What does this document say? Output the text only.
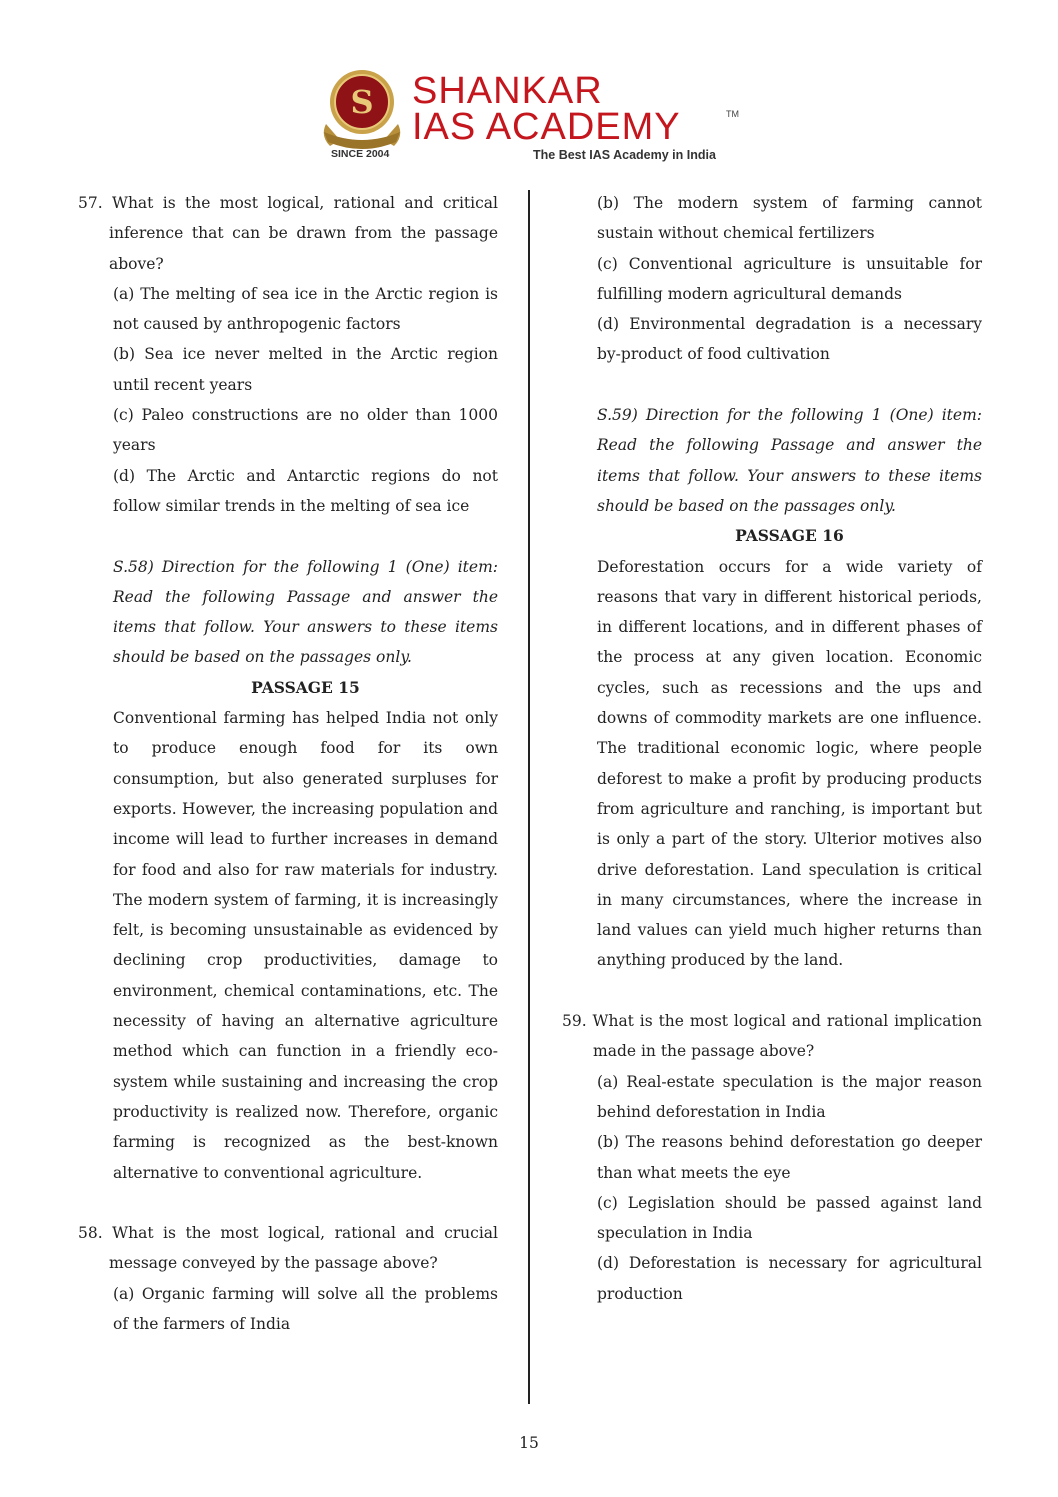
S SHANKAR
IAS ACADEMY	TM
SINCE 2004	The Best IAS Academy in India

57. What is the most logical, rational and critical inference that can be drawn from the passage above?

(a) The melting of sea ice in the Arctic region is not caused by anthropogenic factors

(b) Sea ice never melted in the Arctic region until recent years

(c) Paleo constructions are no older than 1000 years

(d) The Arctic and Antarctic regions do not follow similar trends in the melting of sea ice

S.58) Direction for the following 1 (One) item: Read the following Passage and answer the items that follow. Your answers to these items should be based on the passages only.

PASSAGE 15

Conventional farming has helped India not only to produce enough food for its own consumption, but also generated surpluses for exports. However, the increasing population and income will lead to further increases in demand for food and also for raw materials for industry. The modern system of farming, it is increasingly felt, is becoming unsustainable as evidenced by declining crop productivities, damage to environment, chemical contaminations, etc. The necessity of having an alternative agriculture method which can function in a friendly eco-system while sustaining and increasing the crop productivity is realized now. Therefore, organic farming is recognized as the best-known alternative to conventional agriculture.

58. What is the most logical, rational and crucial message conveyed by the passage above?

(a) Organic farming will solve all the problems of the farmers of India

(b) The modern system of farming cannot sustain without chemical fertilizers

(c) Conventional agriculture is unsuitable for fulfilling modern agricultural demands

(d) Environmental degradation is a necessary by-product of food cultivation

S.59) Direction for the following 1 (One) item: Read the following Passage and answer the items that follow. Your answers to these items should be based on the passages only.

PASSAGE 16

Deforestation occurs for a wide variety of reasons that vary in different historical periods, in different locations, and in different phases of the process at any given location. Economic cycles, such as recessions and the ups and downs of commodity markets are one influence. The traditional economic logic, where people deforest to make a profit by producing products from agriculture and ranching, is important but is only a part of the story. Ulterior motives also drive deforestation. Land speculation is critical in many circumstances, where the increase in land values can yield much higher returns than anything produced by the land.

59. What is the most logical and rational implication made in the passage above?

(a) Real-estate speculation is the major reason behind deforestation in India

(b) The reasons behind deforestation go deeper than what meets the eye

(c) Legislation should be passed against land speculation in India

(d) Deforestation is necessary for agricultural production

15
